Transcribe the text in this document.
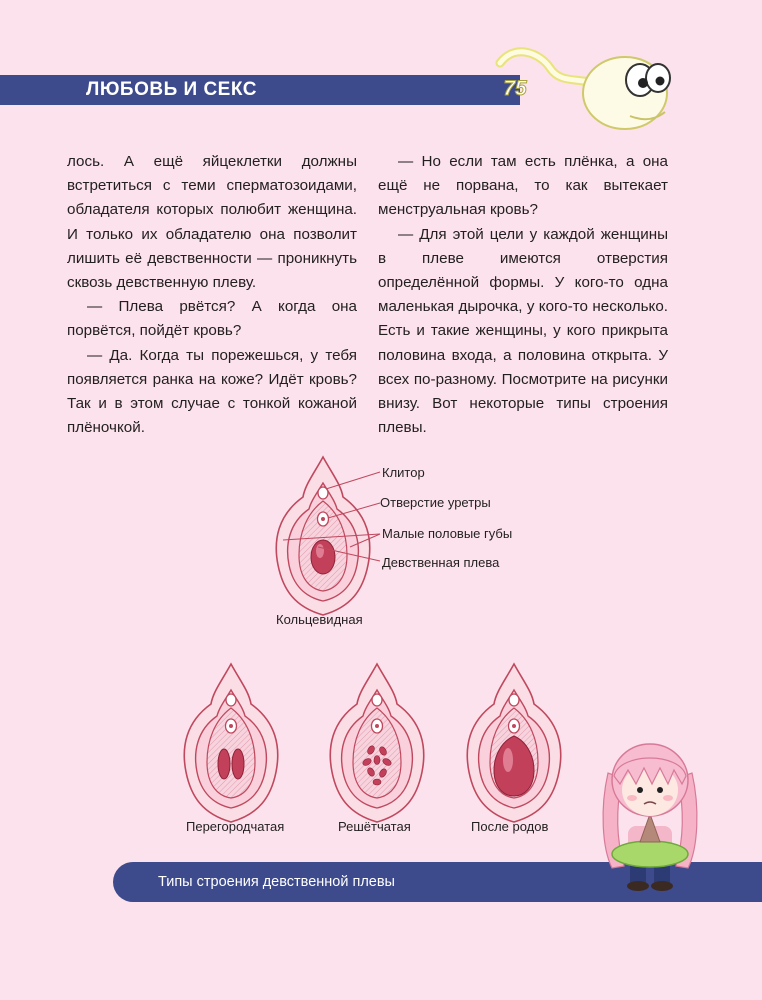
ЛЮБОВЬ И СЕКС	75

лось. А ещё яйцеклетки должны встретиться с теми сперматозоидами, обладателя которых полюбит женщина. И только их обладателю она позволит лишить её девственности — проникнуть сквозь девственную плеву.

— Плева рвётся? А когда она порвётся, пойдёт кровь?

— Да. Когда ты порежешься, у тебя появляется ранка на коже? Идёт кровь? Так и в этом случае с тонкой кожаной плёночкой.

— Но если там есть плёнка, а она ещё не порвана, то как вытекает менструальная кровь?

— Для этой цели у каждой женщины в плеве имеются отверстия определённой формы. У кого-то одна маленькая дырочка, у кого-то несколько. Есть и такие женщины, у кого прикрыта половина входа, а половина открыта. У всех по-разному. Посмотрите на рисунки внизу. Вот некоторые типы строения плевы.

Клитор
Отверстие уретры
Малые половые губы
Девственная плева
Кольцевидная
Перегородчатая	Решётчатая	После родов
Типы строения девственной плевы
